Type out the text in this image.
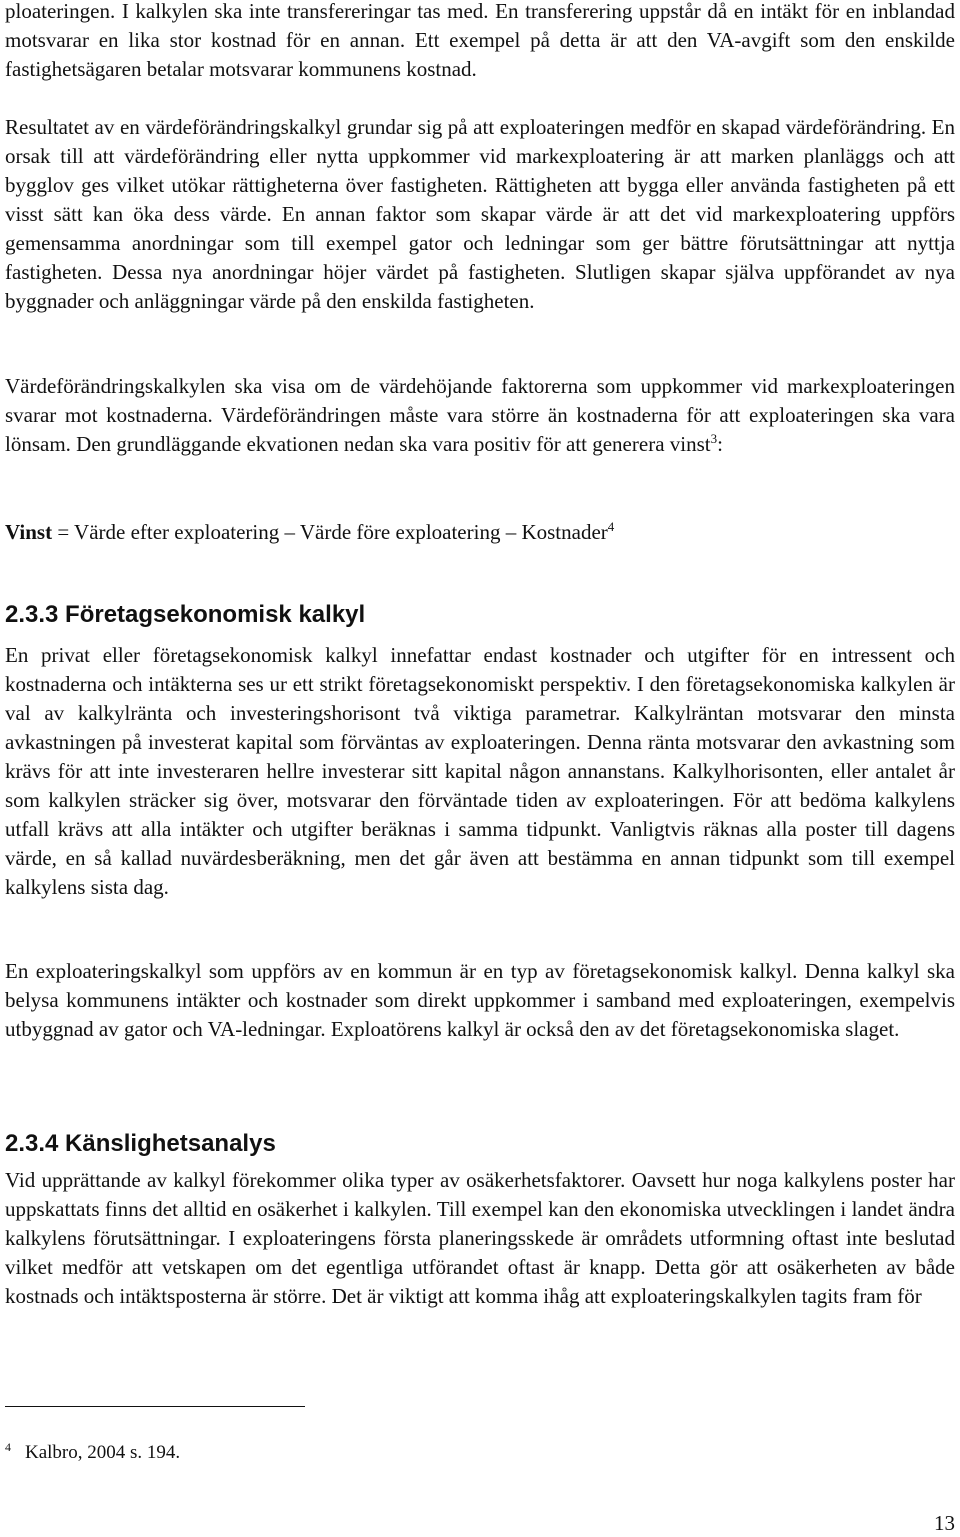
ploateringen. I kalkylen ska inte transfereringar tas med. En transferering uppstår då en intäkt för en inblandad motsvarar en lika stor kostnad för en annan. Ett exempel på detta är att den VA-avgift som den enskilde fastighetsägaren betalar motsvarar kommunens kostnad.

Resultatet av en värdeförändringskalkyl grundar sig på att exploateringen medför en skapad värdeförändring. En orsak till att värdeförändring eller nytta uppkommer vid markexploatering är att marken planläggs och att bygglov ges vilket utökar rättigheterna över fastigheten. Rättigheten att bygga eller använda fastigheten på ett visst sätt kan öka dess värde. En annan faktor som skapar värde är att det vid markexploatering uppförs gemensamma anordningar som till exempel gator och ledningar som ger bättre förutsättningar att nyttja fastigheten. Dessa nya anordningar höjer värdet på fastigheten. Slutligen skapar själva uppförandet av nya byggnader och anläggningar värde på den enskilda fastigheten.

Värdeförändringskalkylen ska visa om de värdehöjande faktorerna som uppkommer vid markexploateringen svarar mot kostnaderna. Värdeförändringen måste vara större än kostnaderna för att exploateringen ska vara lönsam. Den grundläggande ekvationen nedan ska vara positiv för att generera vinst$^3$:

Vinst = Värde efter exploatering – Värde före exploatering – Kostnader$^4$

2.3.3 Företagsekonomisk kalkyl

En privat eller företagsekonomisk kalkyl innefattar endast kostnader och utgifter för en intressent och kostnaderna och intäkterna ses ur ett strikt företagsekonomiskt perspektiv. I den företagsekonomiska kalkylen är val av kalkylränta och investeringshorisont två viktiga parametrar. Kalkylräntan motsvarar den minsta avkastningen på investerat kapital som förväntas av exploateringen. Denna ränta motsvarar den avkastning som krävs för att inte investeraren hellre investerar sitt kapital någon annanstans. Kalkylhorisonten, eller antalet år som kalkylen sträcker sig över, motsvarar den förväntade tiden av exploateringen. För att bedöma kalkylens utfall krävs att alla intäkter och utgifter beräknas i samma tidpunkt. Vanligtvis räknas alla poster till dagens värde, en så kallad nuvärdesberäkning, men det går även att bestämma en annan tidpunkt som till exempel kalkylens sista dag.

En exploateringskalkyl som uppförs av en kommun är en typ av företagsekonomisk kalkyl. Denna kalkyl ska belysa kommunens intäkter och kostnader som direkt uppkommer i samband med exploateringen, exempelvis utbyggnad av gator och VA-ledningar. Exploatörens kalkyl är också den av det företagsekonomiska slaget.

2.3.4 Känslighetsanalys

Vid upprättande av kalkyl förekommer olika typer av osäkerhetsfaktorer. Oavsett hur noga kalkylens poster har uppskattats finns det alltid en osäkerhet i kalkylen. Till exempel kan den ekonomiska utvecklingen i landet ändra kalkylens förutsättningar. I exploateringens första planeringsskede är områdets utformning oftast inte beslutad vilket medför att vetskapen om det egentliga utförandet oftast är knapp. Detta gör att osäkerheten av både kostnads och intäktsposterna är större. Det är viktigt att komma ihåg att exploateringskalkylen tagits fram för

$^4$ Kalbro, 2004 s. 194.

13
